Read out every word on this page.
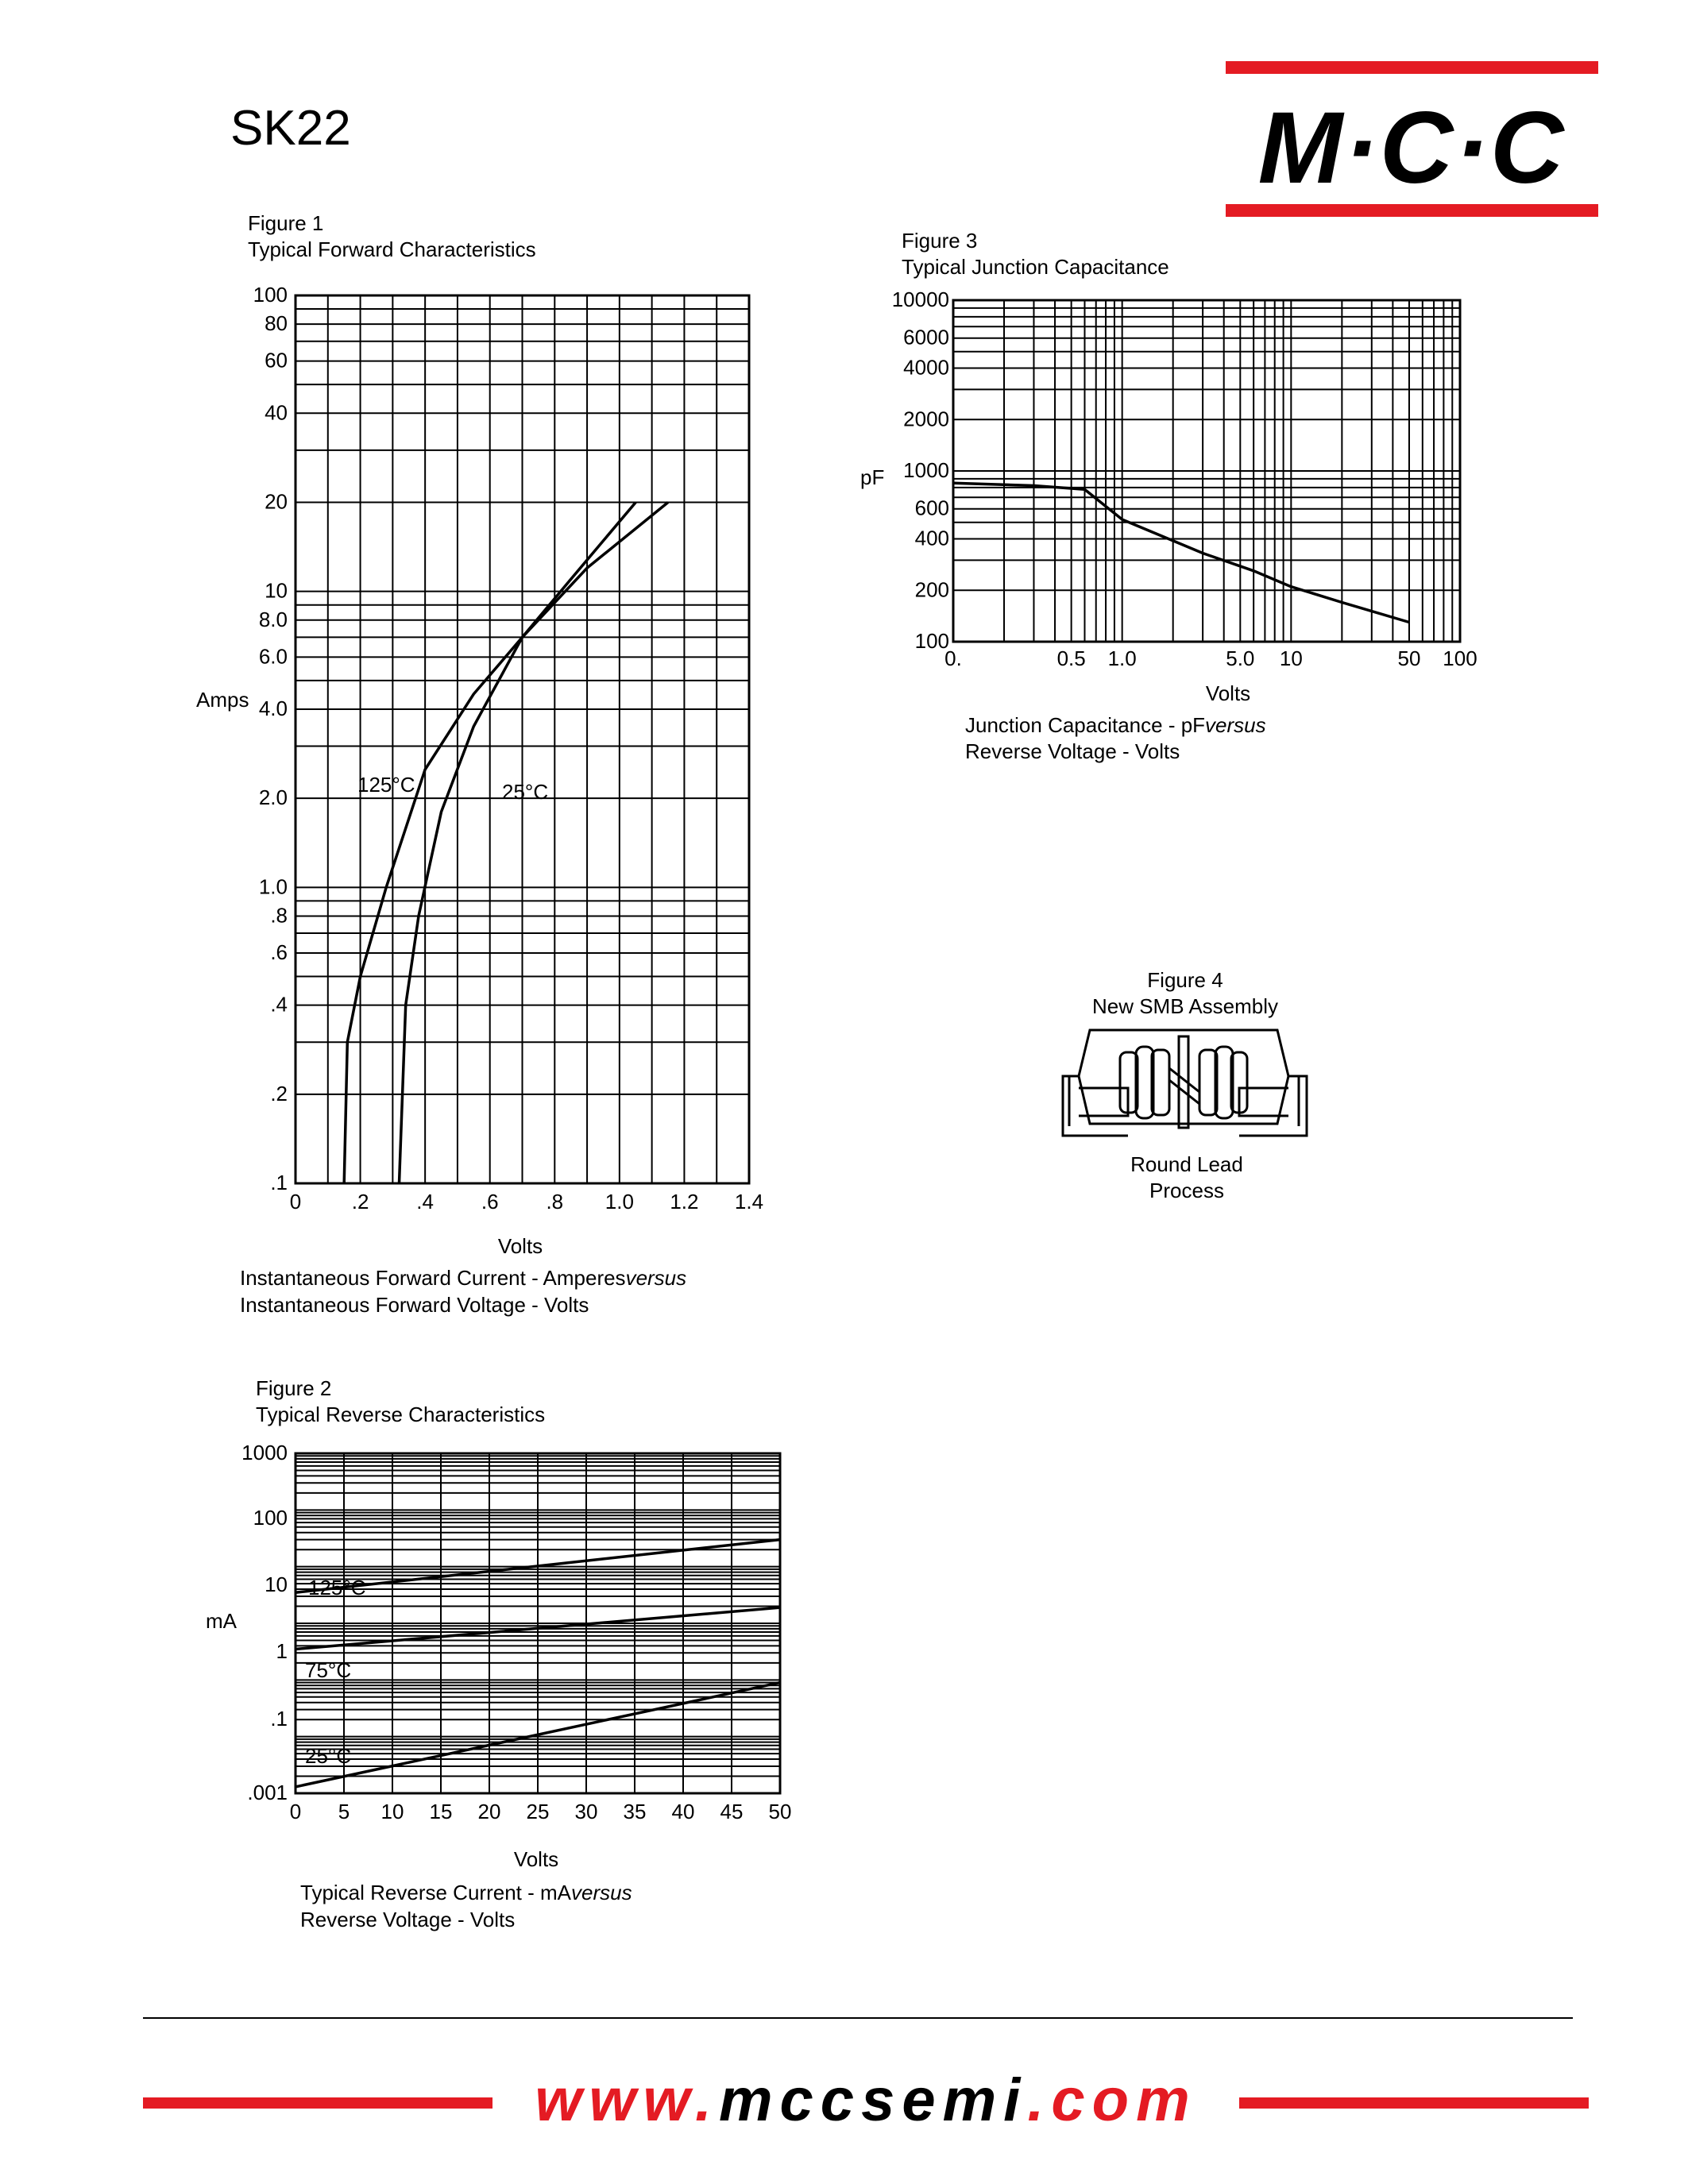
SK22	M·C·C
Figure 1
Typical Forward Characteristics
100
80
60
40
20
10
8.0
6.0
4.0
2.0
1.0
.8
.6
.4
.2
.1
0 .2 .4 .6 .8 1.0 1.2 1.4
Amps
Volts
125°C	25°C
Instantaneous Forward Current - Amperesversus
Instantaneous Forward Voltage - Volts
Figure 2
Typical Reverse Characteristics
1000
100
10
1
.1
.001
0 5 10 15 20 25 30 35 40 45 50
mA
Volts
125°C
75°C
25°C
Typical Reverse Current - mAversus
Reverse Voltage - Volts
Figure 3
Typical Junction Capacitance
10000
6000
4000
2000
1000
600
400
200
100
0.	0.5 1.0	5.0 10	50 100
pF
Volts
Junction Capacitance - pFversus
Reverse Voltage - Volts
Figure 4
New SMB Assembly
Round Lead
Process
www.mccsemi.com
